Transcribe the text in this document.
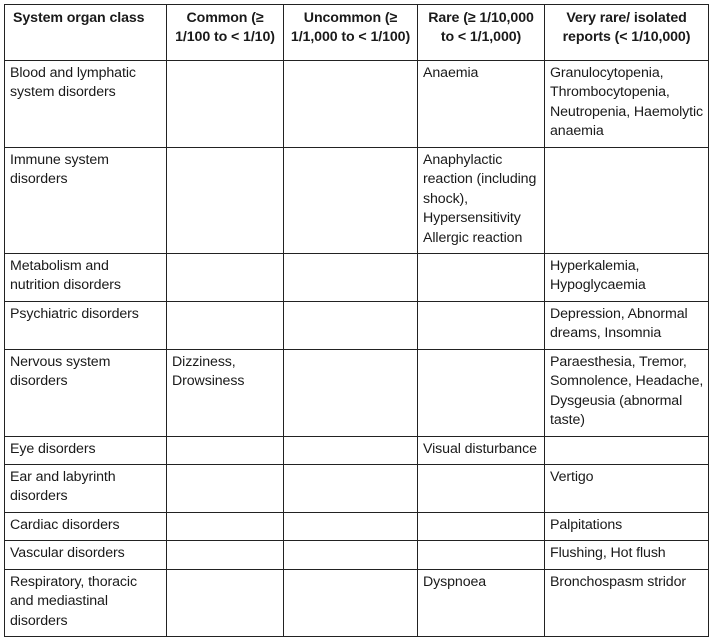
System organ class	Common (≥ 1/100 to < 1/10)	Uncommon (≥ 1/1,000 to < 1/100)	Rare (≥ 1/10,000 to < 1/1,000)	Very rare/ isolated reports (< 1/10,000)
Blood and lymphatic system disorders			Anaemia	Granulocytopenia, Thrombocytopenia, Neutropenia, Haemolytic anaemia
Immune system disorders			Anaphylactic reaction (including shock), Hypersensitivity Allergic reaction	
Metabolism and nutrition disorders				Hyperkalemia, Hypoglycaemia
Psychiatric disorders				Depression, Abnormal dreams, Insomnia
Nervous system disorders	Dizziness, Drowsiness			Paraesthesia, Tremor, Somnolence, Headache, Dysgeusia (abnormal taste)
Eye disorders			Visual disturbance	
Ear and labyrinth disorders				Vertigo
Cardiac disorders				Palpitations
Vascular disorders				Flushing, Hot flush
Respiratory, thoracic and mediastinal disorders			Dyspnoea	Bronchospasm stridor
